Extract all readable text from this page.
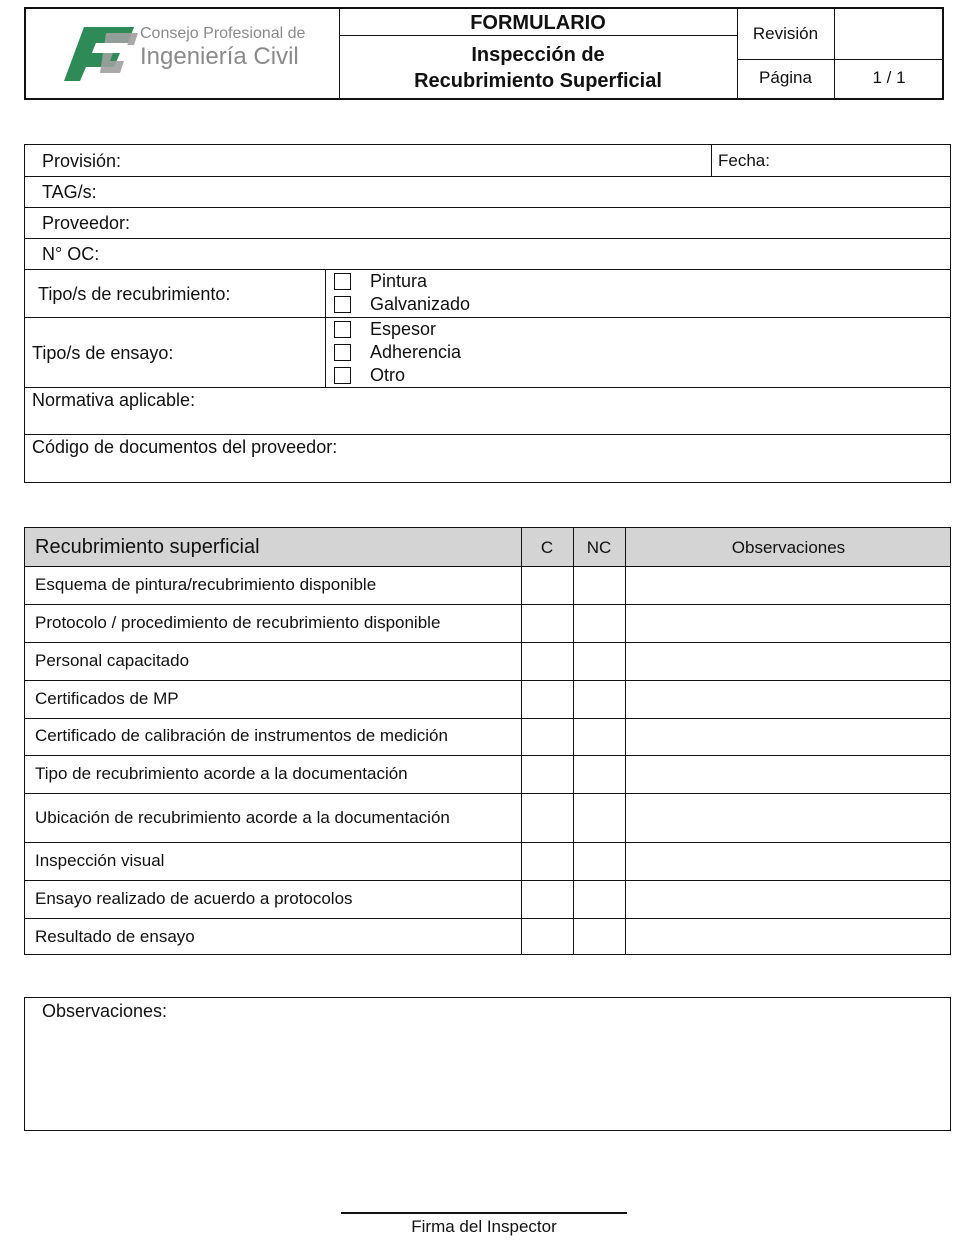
Consejo Profesional de
Ingeniería Civil
FORMULARIO
Inspección de
Recubrimiento Superficial
Revisión
Página	1 / 1
Provisión:	Fecha:
TAG/s:
Proveedor:
N° OC:
Tipo/s de recubrimiento:
Pintura
Galvanizado
Tipo/s de ensayo:
Espesor
Adherencia
Otro
Normativa aplicable:
Código de documentos del proveedor:
Recubrimiento superficial	C	NC	Observaciones
Esquema de pintura/recubrimiento disponible
Protocolo / procedimiento de recubrimiento disponible
Personal capacitado
Certificados de MP
Certificado de calibración de instrumentos de medición
Tipo de recubrimiento acorde a la documentación
Ubicación de recubrimiento acorde a la documentación
Inspección visual
Ensayo realizado de acuerdo a protocolos
Resultado de ensayo
Observaciones:
Firma del Inspector
